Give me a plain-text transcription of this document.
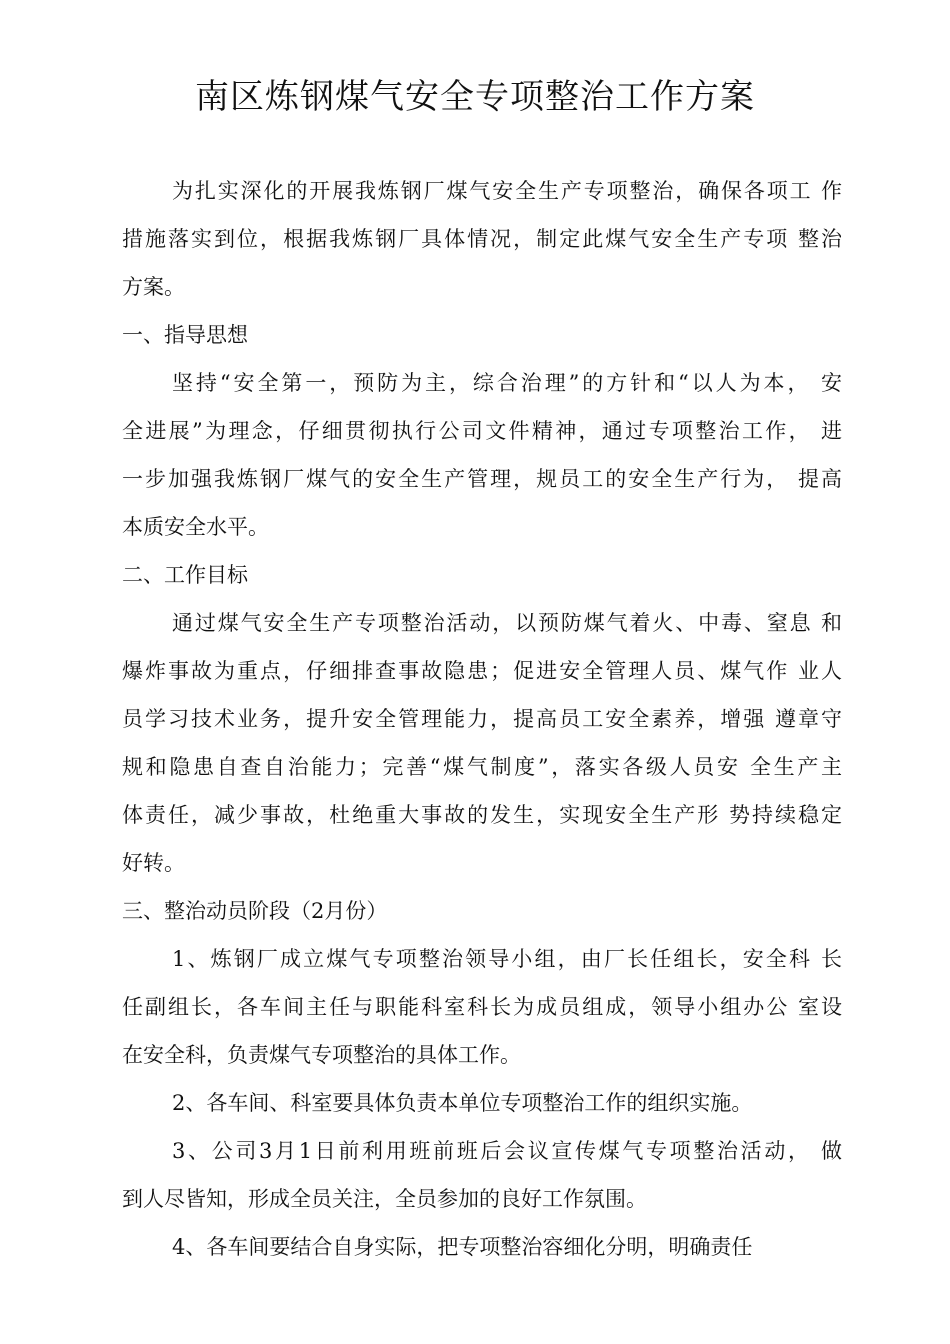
南区炼钢煤气安全专项整治工作方案

为扎实深化的开展我炼钢厂煤气安全生产专项整治，确保各项工 作

措施落实到位，根据我炼钢厂具体情况，制定此煤气安全生产专项 整治

方案。

一、指导思想

坚持“安全第一，预防为主，综合治理”的方针和“以人为本， 安

全进展”为理念，仔细贯彻执行公司文件精神，通过专项整治工作， 进

一步加强我炼钢厂煤气的安全生产管理，规员工的安全生产行为， 提高

本质安全水平。

二、工作目标

通过煤气安全生产专项整治活动，以预防煤气着火、中毒、窒息 和

爆炸事故为重点，仔细排查事故隐患；促进安全管理人员、煤气作 业人

员学习技术业务，提升安全管理能力，提高员工安全素养，增强 遵章守

规和隐患自查自治能力；完善“煤气制度”，落实各级人员安 全生产主

体责任，减少事故，杜绝重大事故的发生，实现安全生产形 势持续稳定

好转。

三、整治动员阶段（2月份）

1、炼钢厂成立煤气专项整治领导小组，由厂长任组长，安全科 长

任副组长，各车间主任与职能科室科长为成员组成，领导小组办公 室设

在安全科，负责煤气专项整治的具体工作。

2、各车间、科室要具体负责本单位专项整治工作的组织实施。

3、公司3月1日前利用班前班后会议宣传煤气专项整治活动， 做

到人尽皆知，形成全员关注，全员参加的良好工作氛围。

4、各车间要结合自身实际，把专项整治容细化分明，明确责任
